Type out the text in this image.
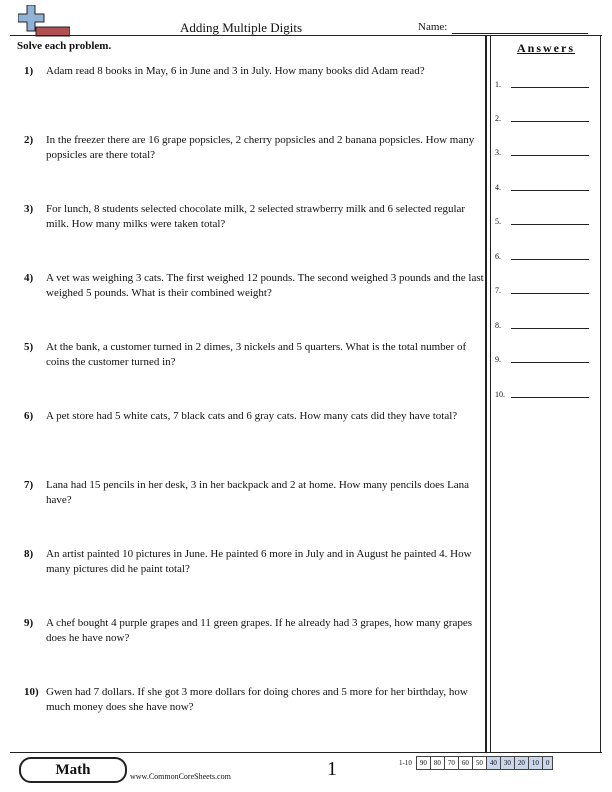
Adding Multiple Digits	Name:
Solve each problem.
1)	Adam read 8 books in May, 6 in June and 3 in July. How many books did Adam read?
2)	In the freezer there are 16 grape popsicles, 2 cherry popsicles and 2 banana popsicles. How many popsicles are there total?
3)	For lunch, 8 students selected chocolate milk, 2 selected strawberry milk and 6 selected regular milk. How many milks were taken total?
4)	A vet was weighing 3 cats. The first weighed 12 pounds. The second weighed 3 pounds and the last weighed 5 pounds. What is their combined weight?
5)	At the bank, a customer turned in 2 dimes, 3 nickels and 5 quarters. What is the total number of coins the customer turned in?
6)	A pet store had 5 white cats, 7 black cats and 6 gray cats. How many cats did they have total?
7)	Lana had 15 pencils in her desk, 3 in her backpack and 2 at home. How many pencils does Lana have?
8)	An artist painted 10 pictures in June. He painted 6 more in July and in August he painted 4. How many pictures did he paint total?
9)	A chef bought 4 purple grapes and 11 green grapes. If he already had 3 grapes, how many grapes does he have now?
10) Gwen had 7 dollars. If she got 3 more dollars for doing chores and 5 more for her birthday, how much money does she have now?
Answers
1.
2.
3.
4.
5.
6.
7.
8.
9.
10.
Math	www.CommonCoreSheets.com	1	1-10	90	80	70	60	50	40	30	20	10	0
